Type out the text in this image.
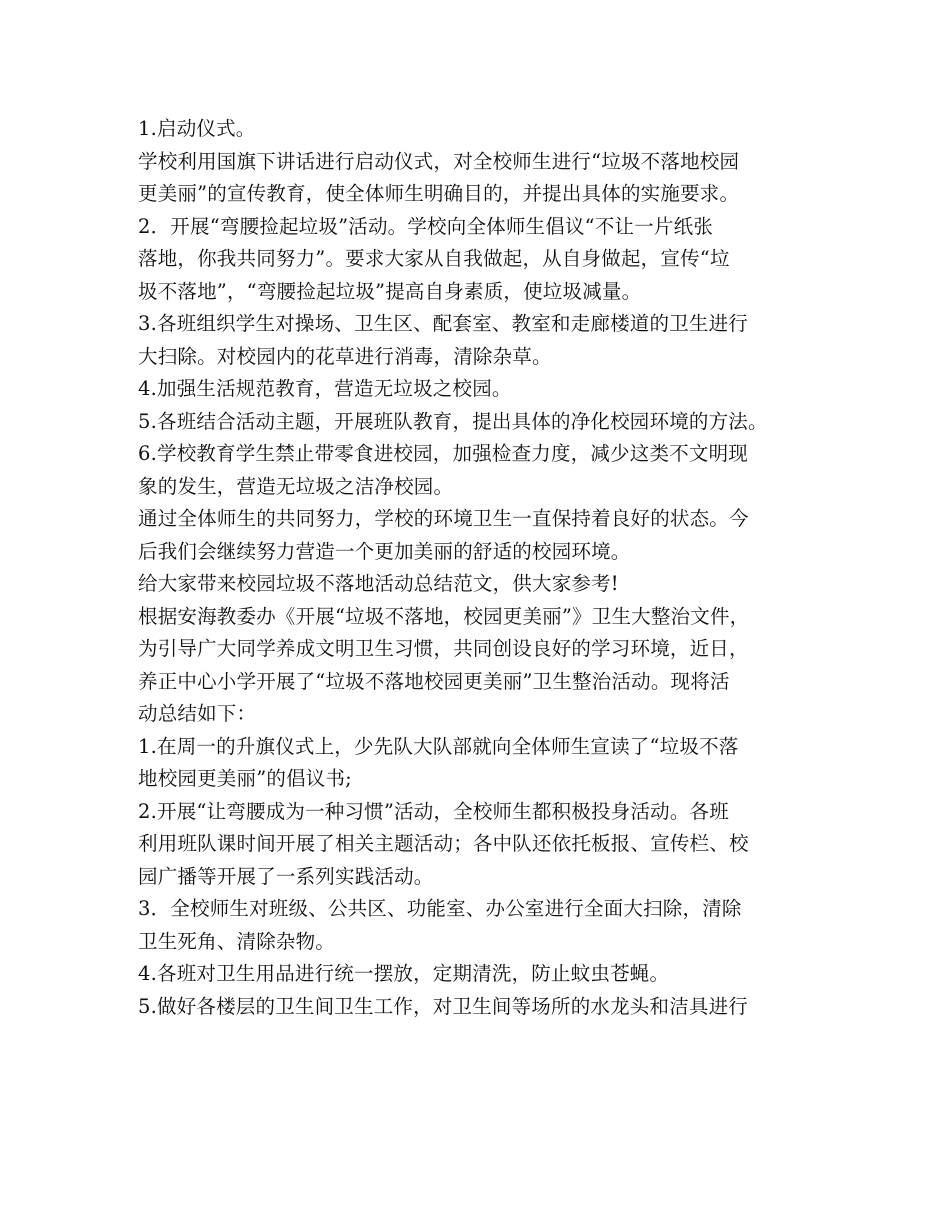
1.启动仪式。
学校利用国旗下讲话进行启动仪式，对全校师生进行“垃圾不落地校园
更美丽”的宣传教育，使全体师生明确目的，并提出具体的实施要求。
2．开展“弯腰捡起垃圾”活动。学校向全体师生倡议“不让一片纸张
落地，你我共同努力”。要求大家从自我做起，从自身做起，宣传“垃
圾不落地”，“弯腰捡起垃圾”提高自身素质，使垃圾减量。
3.各班组织学生对操场、卫生区、配套室、教室和走廊楼道的卫生进行
大扫除。对校园内的花草进行消毒，清除杂草。
4.加强生活规范教育，营造无垃圾之校园。
5.各班结合活动主题，开展班队教育，提出具体的净化校园环境的方法。
6.学校教育学生禁止带零食进校园，加强检查力度，减少这类不文明现
象的发生，营造无垃圾之洁净校园。
通过全体师生的共同努力，学校的环境卫生一直保持着良好的状态。今
后我们会继续努力营造一个更加美丽的舒适的校园环境。
给大家带来校园垃圾不落地活动总结范文，供大家参考!
根据安海教委办《开展“垃圾不落地，校园更美丽”》卫生大整治文件，
为引导广大同学养成文明卫生习惯，共同创设良好的学习环境，近日，
养正中心小学开展了“垃圾不落地校园更美丽”卫生整治活动。现将活
动总结如下：
1.在周一的升旗仪式上，少先队大队部就向全体师生宣读了“垃圾不落
地校园更美丽”的倡议书;
2.开展“让弯腰成为一种习惯”活动，全校师生都积极投身活动。各班
利用班队课时间开展了相关主题活动；各中队还依托板报、宣传栏、校
园广播等开展了一系列实践活动。
3．全校师生对班级、公共区、功能室、办公室进行全面大扫除，清除
卫生死角、清除杂物。
4.各班对卫生用品进行统一摆放，定期清洗，防止蚊虫苍蝇。
5.做好各楼层的卫生间卫生工作，对卫生间等场所的水龙头和洁具进行
